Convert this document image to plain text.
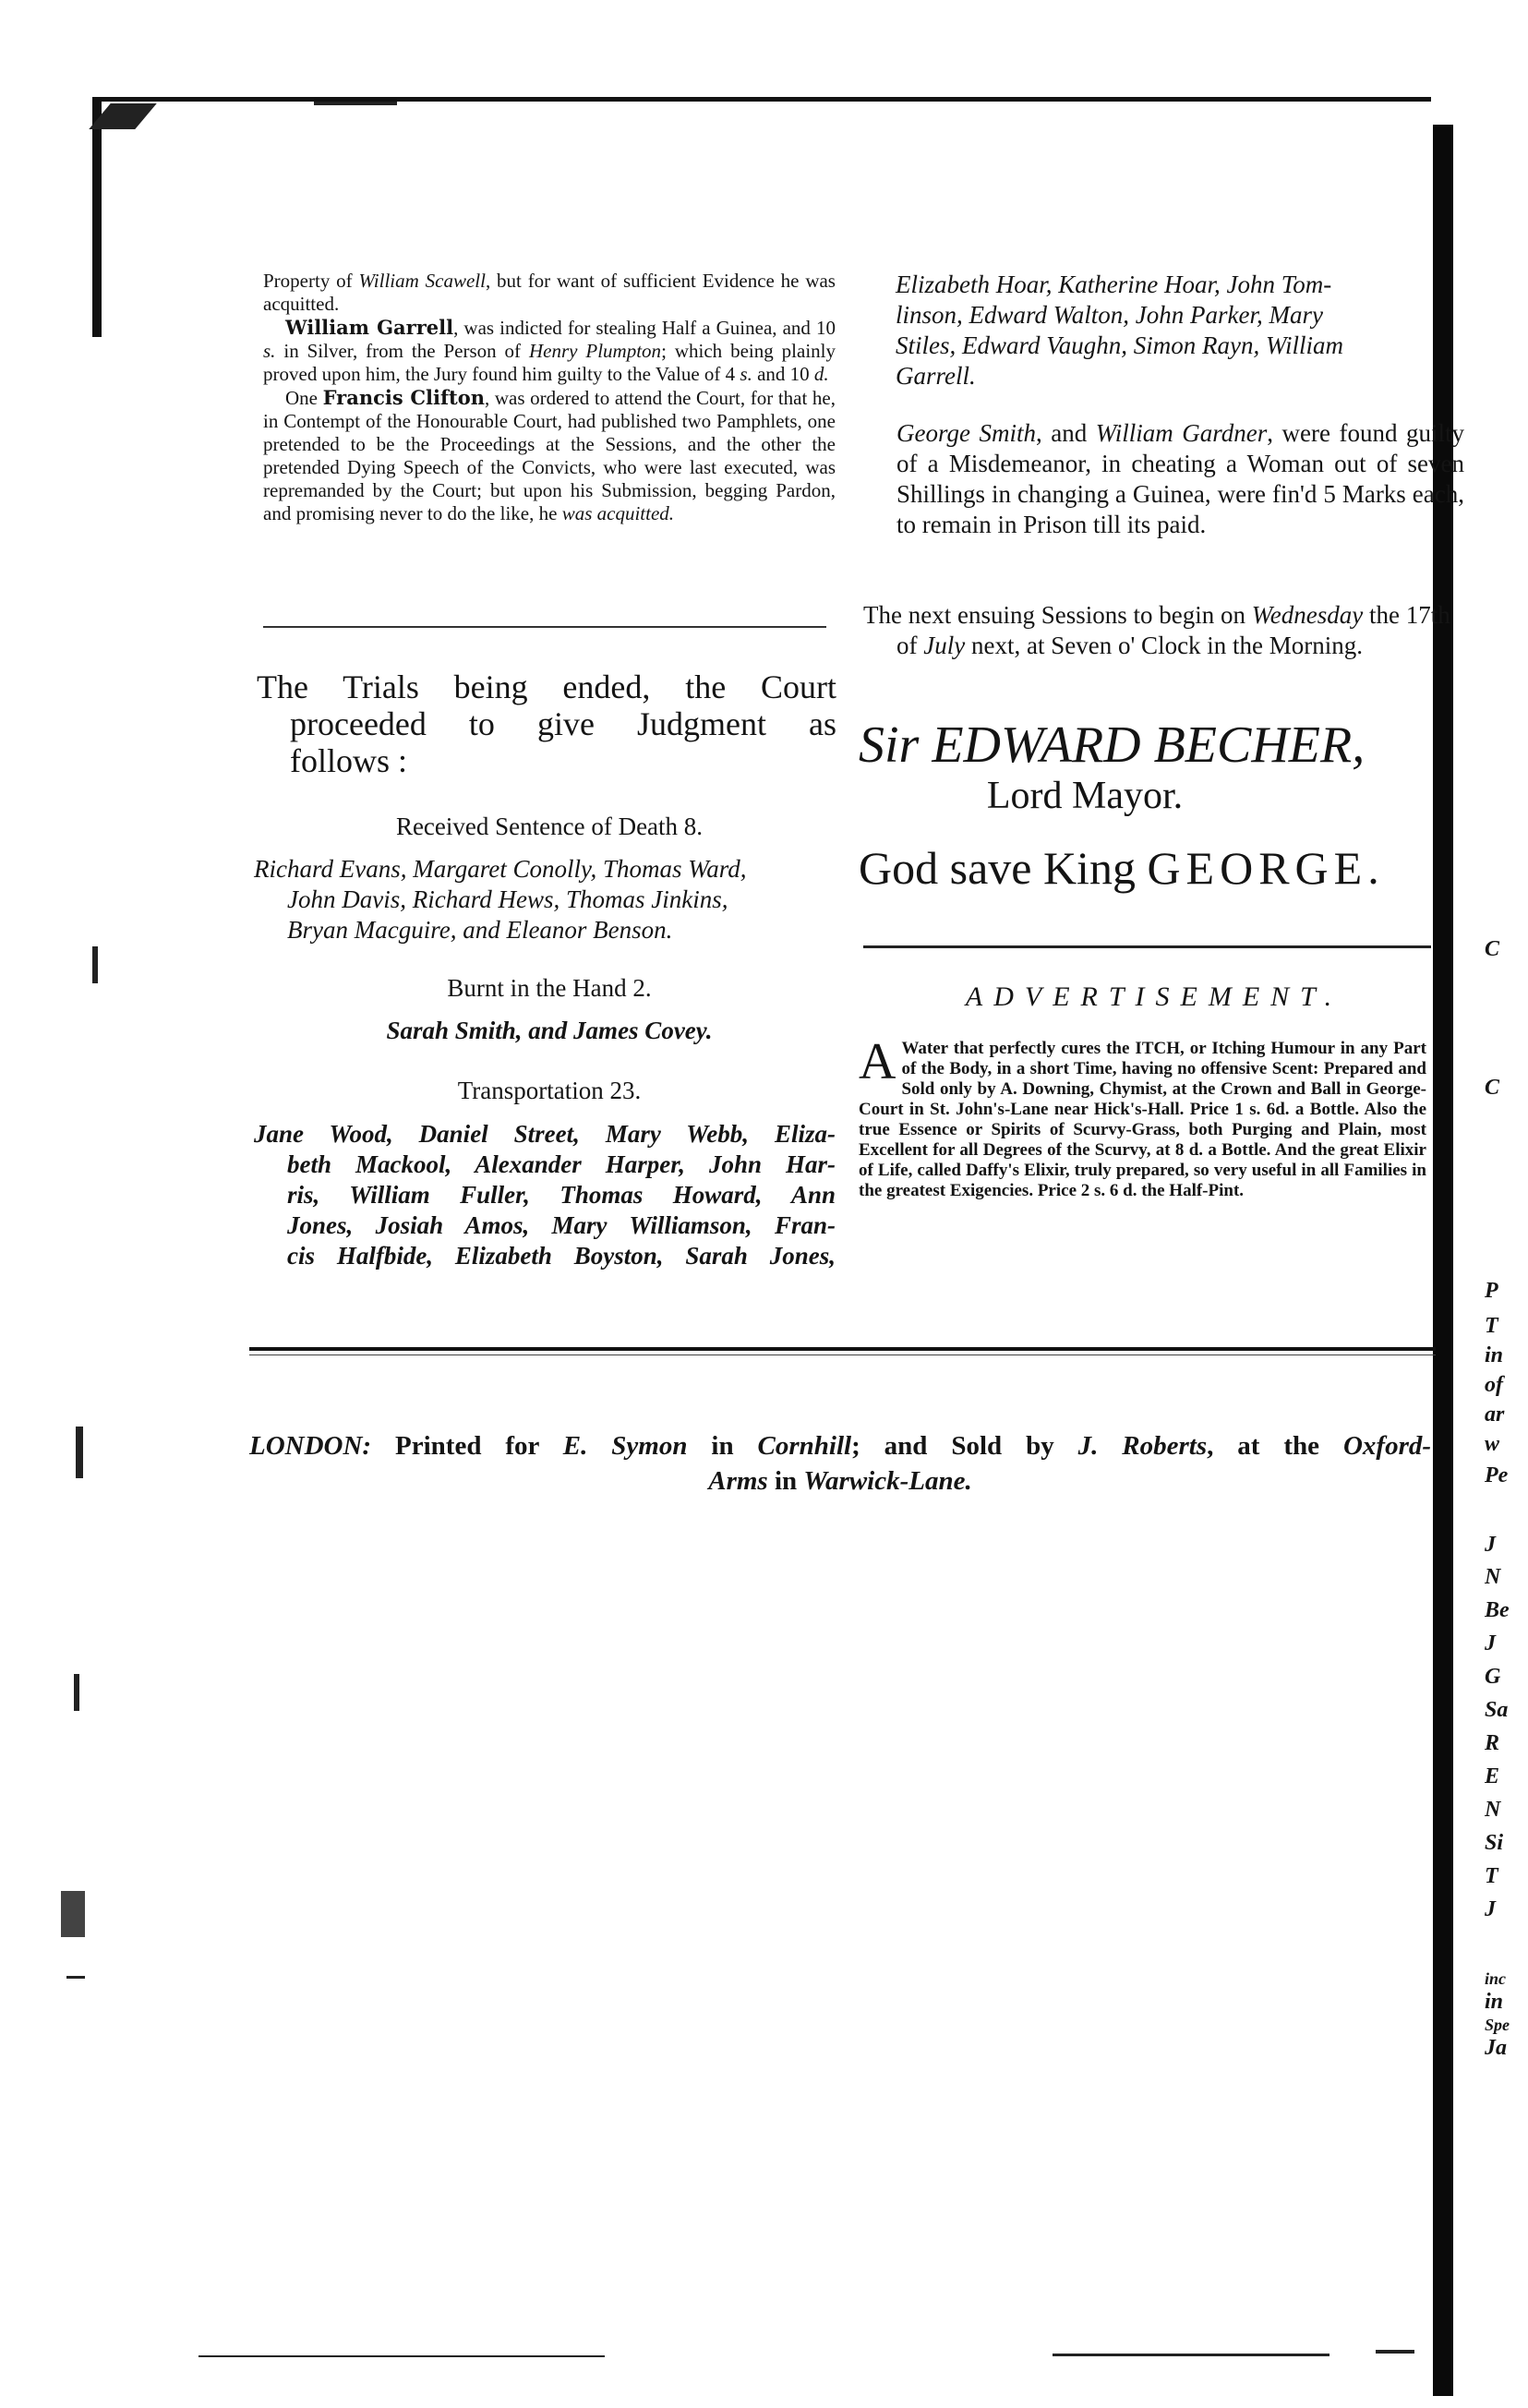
Property of William Scawell, but for want of sufficient Evidence he was acquitted.
William Garrell, was indicted for stealing Half a Guinea, and 10 s. in Silver, from the Person of Henry Plumpton; which being plainly proved upon him, the Jury found him guilty to the Value of 4 s. and 10 d.
One Francis Clifton, was ordered to attend the Court, for that he, in Contempt of the Honourable Court, had published two Pamphlets, one pretended to be the Proceedings at the Sessions, and the other the pretended Dying Speech of the Convicts, who were last executed, was repremanded by the Court; but upon his Submission, begging Pardon, and promising never to do the like, he was acquitted.
The Trials being ended, the Court
proceeded to give Judgment as
follows :
Received Sentence of Death 8.
Richard Evans, Margaret Conolly, Thomas Ward,
John Davis, Richard Hews, Thomas Jinkins,
Bryan Macguire, and Eleanor Benson.
Burnt in the Hand 2.
Sarah Smith, and James Covey.
Transportation 23.
Jane Wood, Daniel Street, Mary Webb, Eliza-
beth Mackool, Alexander Harper, John Har-
ris, William Fuller, Thomas Howard, Ann
Jones, Josiah Amos, Mary Williamson, Fran-
cis Halfbide, Elizabeth Boyston, Sarah Jones,
Elizabeth Hoar, Katherine Hoar, John Tom-
linson, Edward Walton, John Parker, Mary
Stiles, Edward Vaughn, Simon Rayn, William
Garrell.
George Smith, and William Gardner, were found guilty of a Misdemeanor, in cheating a Woman out of seven Shillings in changing a Guinea, were fin'd 5 Marks each, to remain in Prison till its paid.
The next ensuing Sessions to begin on Wednesday the 17th of July next, at Seven o' Clock in the Morning.
Sir EDWARD BECHER,
Lord Mayor.
God save King GEORGE.
ADVERTISEMENT.
A Water that perfectly cures the ITCH, or Itching Humour in any Part of the Body, in a short Time, having no offensive Scent: Prepared and Sold only by A. Downing, Chymist, at the Crown and Ball in George-Court in St. John's-Lane near Hick's-Hall. Price 1 s. 6d. a Bottle. Also the true Essence or Spirits of Scurvy-Grass, both Purging and Plain, most Excellent for all Degrees of the Scurvy, at 8 d. a Bottle. And the great Elixir of Life, called Daffy's Elixir, truly prepared, so very useful in all Families in the greatest Exigencies. Price 2 s. 6 d. the Half-Pint.
LONDON: Printed for E. Symon in Cornhill; and Sold by J. Roberts, at the Oxford-
Arms in Warwick-Lane.
C
C
P
T
in
of
ar
w
Pe
J
N
Be
J
G
Sa
R
E
N
Si
T
J
inc
in
Spe
Ja
